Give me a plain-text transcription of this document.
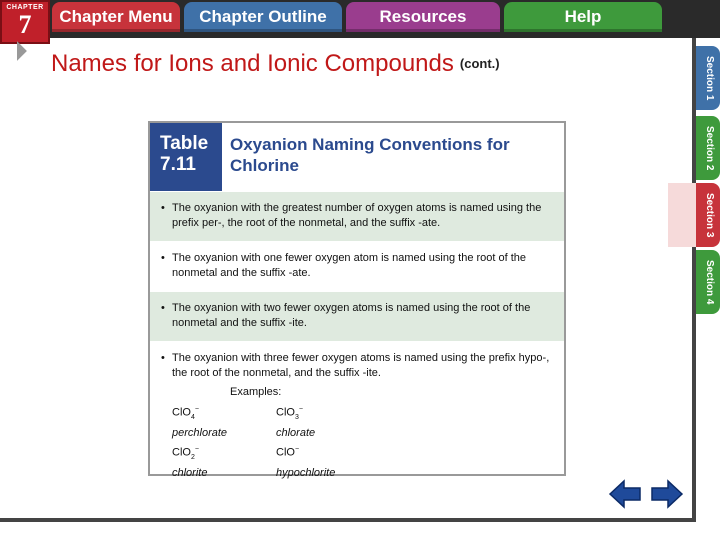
CHAPTER
7	Chapter Menu	Chapter Outline	Resources	Help
Names for Ions and Ionic Compounds (cont.)
Table 7.11
Oxyanion Naming Conventions for Chlorine
• The oxyanion with the greatest number of oxygen atoms is named using the prefix per-, the root of the nonmetal, and the suffix -ate.
• The oxyanion with one fewer oxygen atom is named using the root of the nonmetal and the suffix -ate.
• The oxyanion with two fewer oxygen atoms is named using the root of the nonmetal and the suffix -ite.
• The oxyanion with three fewer oxygen atoms is named using the prefix hypo-, the root of the nonmetal, and the suffix -ite.
Examples:
ClO$_4$−	ClO$_3$−
perchlorate	chlorate
ClO$_2$−	ClO−
chlorite	hypochlorite
Section 1
Section 2
Section 3
Section 4
